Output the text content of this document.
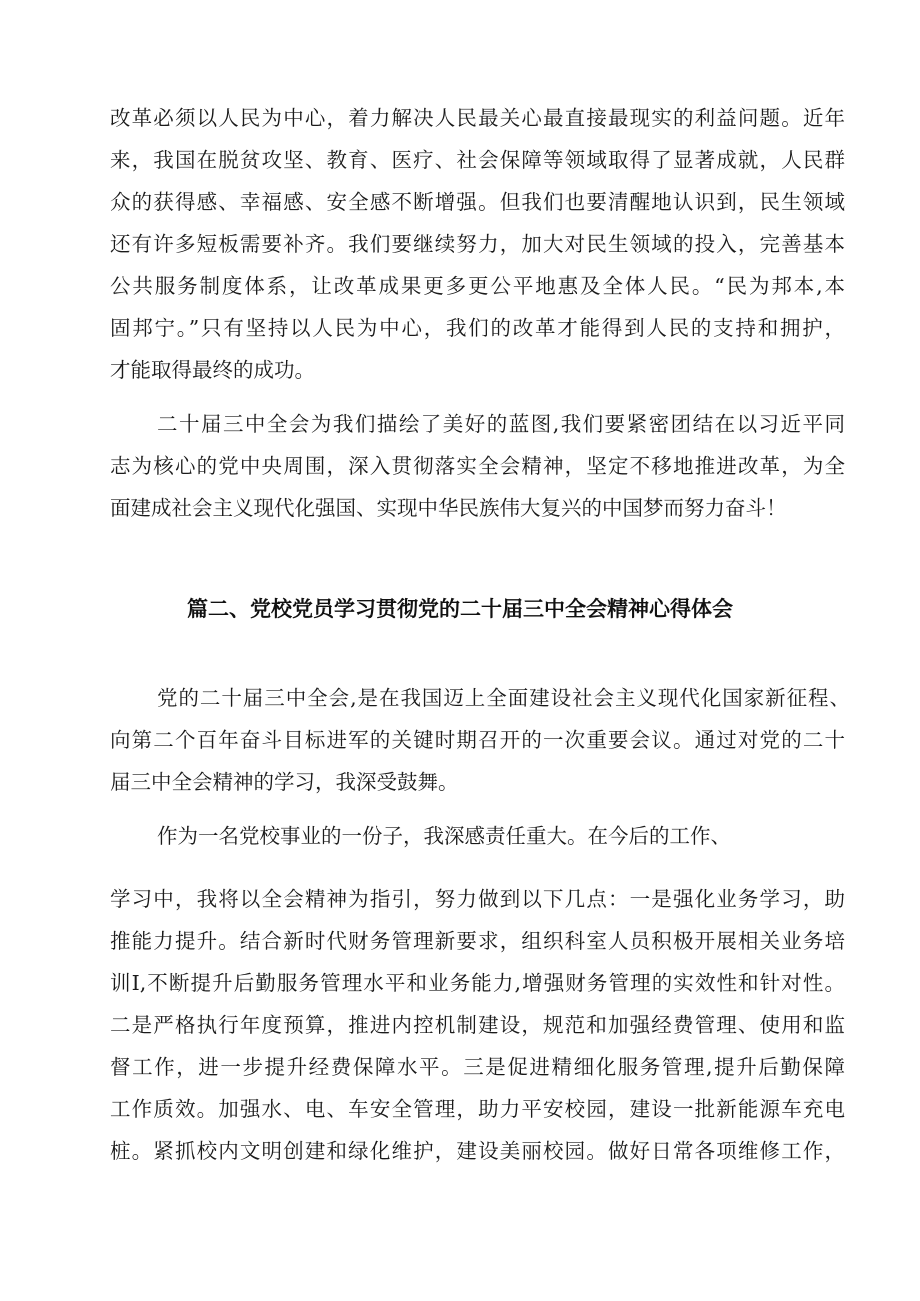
改革必须以人民为中心，着力解决人民最关心最直接最现实的利益问题。近年
来，我国在脱贫攻坚、教育、医疗、社会保障等领域取得了显著成就，人民群
众的获得感、幸福感、安全感不断增强。但我们也要清醒地认识到，民生领域
还有许多短板需要补齐。我们要继续努力，加大对民生领域的投入，完善基本
公共服务制度体系，让改革成果更多更公平地惠及全体人民。“民为邦本,本
固邦宁。”只有坚持以人民为中心，我们的改革才能得到人民的支持和拥护，
才能取得最终的成功。
二十届三中全会为我们描绘了美好的蓝图,我们要紧密团结在以习近平同
志为核心的党中央周围，深入贯彻落实全会精神，坚定不移地推进改革，为全
面建成社会主义现代化强国、实现中华民族伟大复兴的中国梦而努力奋斗！
篇二、党校党员学习贯彻党的二十届三中全会精神心得体会
党的二十届三中全会,是在我国迈上全面建设社会主义现代化国家新征程、
向第二个百年奋斗目标进军的关键时期召开的一次重要会议。通过对党的二十
届三中全会精神的学习，我深受鼓舞。
作为一名党校事业的一份子，我深感责任重大。在今后的工作、
学习中，我将以全会精神为指引，努力做到以下几点：一是强化业务学习，助
推能力提升。结合新时代财务管理新要求，组织科室人员积极开展相关业务培
训I,不断提升后勤服务管理水平和业务能力,增强财务管理的实效性和针对性。
二是严格执行年度预算，推进内控机制建设，规范和加强经费管理、使用和监
督工作，进一步提升经费保障水平。三是促进精细化服务管理,提升后勤保障
工作质效。加强水、电、车安全管理，助力平安校园，建设一批新能源车充电
桩。紧抓校内文明创建和绿化维护，建设美丽校园。做好日常各项维修工作，
